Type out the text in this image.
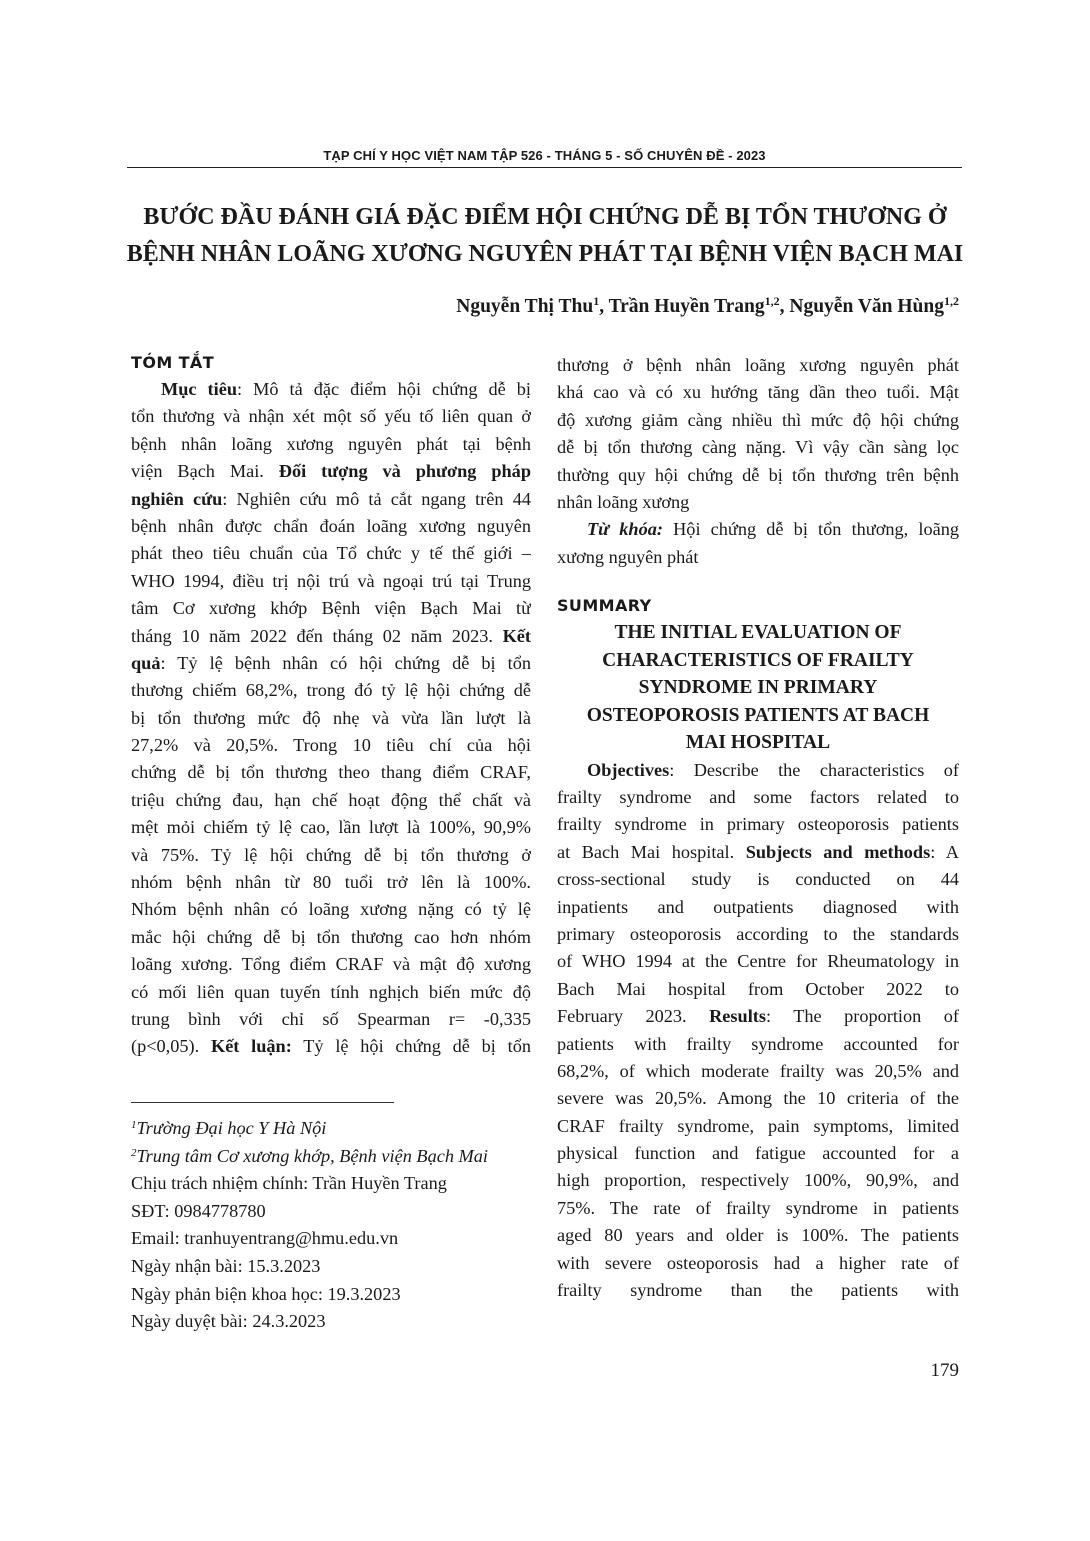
TẠP CHÍ Y HỌC VIỆT NAM TẬP 526 - THÁNG 5 - SỐ CHUYÊN ĐỀ - 2023
BƯỚC ĐẦU ĐÁNH GIÁ ĐẶC ĐIỂM HỘI CHỨNG DỄ BỊ TỔN THƯƠNG Ở
BỆNH NHÂN LOÃNG XƯƠNG NGUYÊN PHÁT TẠI BỆNH VIỆN BẠCH MAI
Nguyễn Thị Thu$^1$, Trần Huyền Trang$^{1,2}$, Nguyễn Văn Hùng$^{1,2}$
TÓM TẮT
Mục tiêu: Mô tả đặc điểm hội chứng dễ bị
tổn thương và nhận xét một số yếu tố liên quan ở
bệnh nhân loãng xương nguyên phát tại bệnh
viện Bạch Mai. Đối tượng và phương pháp
nghiên cứu: Nghiên cứu mô tả cắt ngang trên 44
bệnh nhân được chẩn đoán loãng xương nguyên
phát theo tiêu chuẩn của Tổ chức y tế thế giới –
WHO 1994, điều trị nội trú và ngoại trú tại Trung
tâm Cơ xương khớp Bệnh viện Bạch Mai từ
tháng 10 năm 2022 đến tháng 02 năm 2023. Kết
quả: Tỷ lệ bệnh nhân có hội chứng dễ bị tổn
thương chiếm 68,2%, trong đó tỷ lệ hội chứng dễ
bị tổn thương mức độ nhẹ và vừa lần lượt là
27,2% và 20,5%. Trong 10 tiêu chí của hội
chứng dễ bị tổn thương theo thang điểm CRAF,
triệu chứng đau, hạn chế hoạt động thể chất và
mệt mỏi chiếm tỷ lệ cao, lần lượt là 100%, 90,9%
và 75%. Tỷ lệ hội chứng dễ bị tổn thương ở
nhóm bệnh nhân từ 80 tuổi trở lên là 100%.
Nhóm bệnh nhân có loãng xương nặng có tỷ lệ
mắc hội chứng dễ bị tổn thương cao hơn nhóm
loãng xương. Tổng điểm CRAF và mật độ xương
có mối liên quan tuyến tính nghịch biến mức độ
trung bình với chỉ số Spearman r= -0,335
(p<0,05). Kết luận: Tỷ lệ hội chứng dễ bị tổn
$^1$Trường Đại học Y Hà Nội
$^2$Trung tâm Cơ xương khớp, Bệnh viện Bạch Mai
Chịu trách nhiệm chính: Trần Huyền Trang
SĐT: 0984778780
Email: tranhuyentrang@hmu.edu.vn
Ngày nhận bài: 15.3.2023
Ngày phản biện khoa học: 19.3.2023
Ngày duyệt bài: 24.3.2023
thương ở bệnh nhân loãng xương nguyên phát
khá cao và có xu hướng tăng dần theo tuổi. Mật
độ xương giảm càng nhiều thì mức độ hội chứng
dễ bị tổn thương càng nặng. Vì vậy cần sàng lọc
thường quy hội chứng dễ bị tổn thương trên bệnh
nhân loãng xương
Từ khóa: Hội chứng dễ bị tổn thương, loãng
xương nguyên phát
SUMMARY
THE INITIAL EVALUATION OF
CHARACTERISTICS OF FRAILTY
SYNDROME IN PRIMARY
OSTEOPOROSIS PATIENTS AT BACH
MAI HOSPITAL
Objectives: Describe the characteristics of
frailty syndrome and some factors related to
frailty syndrome in primary osteoporosis patients
at Bach Mai hospital. Subjects and methods: A
cross-sectional study is conducted on 44
inpatients and outpatients diagnosed with
primary osteoporosis according to the standards
of WHO 1994 at the Centre for Rheumatology in
Bach Mai hospital from October 2022 to
February 2023. Results: The proportion of
patients with frailty syndrome accounted for
68,2%, of which moderate frailty was 20,5% and
severe was 20,5%. Among the 10 criteria of the
CRAF frailty syndrome, pain symptoms, limited
physical function and fatigue accounted for a
high proportion, respectively 100%, 90,9%, and
75%. The rate of frailty syndrome in patients
aged 80 years and older is 100%. The patients
with severe osteoporosis had a higher rate of
frailty syndrome than the patients with
179
